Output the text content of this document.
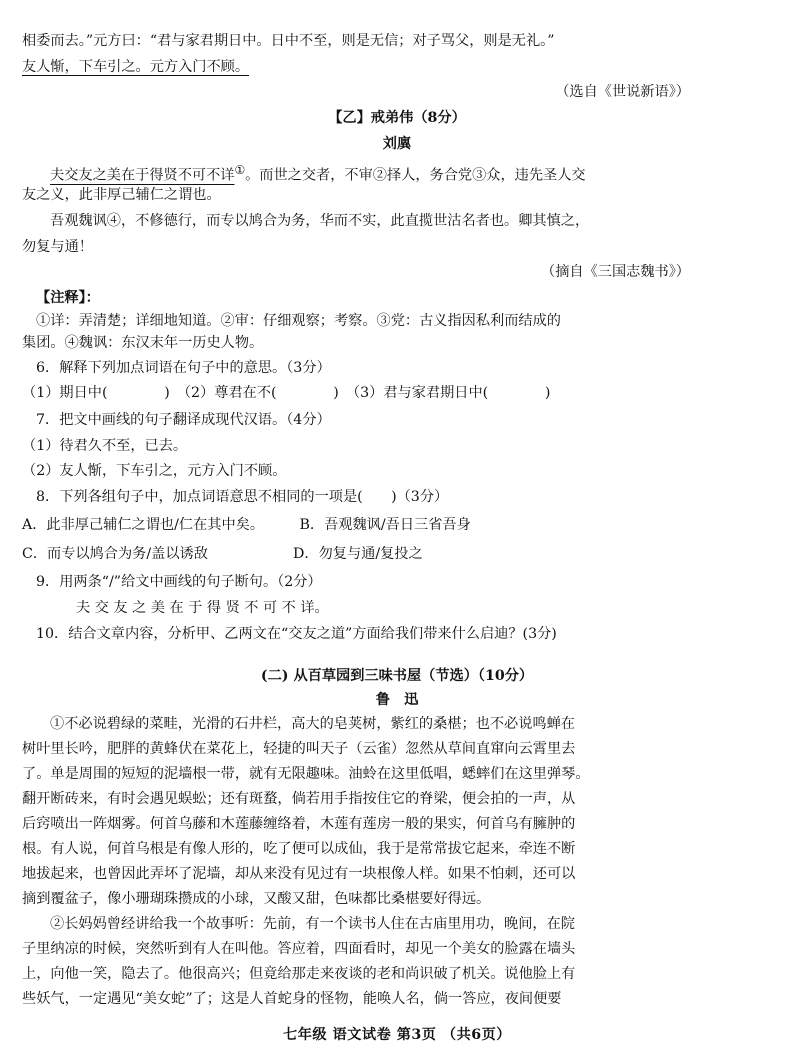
相委而去。”元方曰：“君与家君期日中。日中不至，则是无信；对子骂父，则是无礼。”
友人惭，下车引之。元方入门不顾。
（选自《世说新语》）
【乙】戒弟伟（8分）
刘廙
夫交友之美在于得贤不可不详①。而世之交者，不审②择人，务合党③众，违先圣人交
友之义，此非厚己辅仁之谓也。
吾观魏讽④，不修德行，而专以鸠合为务，华而不实，此直揽世沽名者也。卿其慎之，
勿复与通！
（摘自《三国志魏书》）
【注释】：
①详：弄清楚；详细地知道。②审：仔细观察；考察。③党：古义指因私利而结成的
集团。④魏讽：东汉末年一历史人物。
6．解释下列加点词语在句子中的意思。（3分）
（1）期日中(　　　　)　（2）尊君在不(　　　　)　（3）君与家君期日中(　　　　)
7．把文中画线的句子翻译成现代汉语。（4分）
（1）待君久不至，已去。
（2）友人惭，下车引之，元方入门不顾。
8．下列各组句子中，加点词语意思不相同的一项是(　　)（3分）
A．此非厚己辅仁之谓也/仁在其中矣。　　　B．吾观魏讽/吾日三省吾身
C．而专以鸠合为务/盖以诱敌　　　　　　D．勿复与通/复投之
9．用两条“/”给文中画线的句子断句。（2分）
夫 交 友 之 美 在 于 得 贤 不 可 不 详。
10．结合文章内容，分析甲、乙两文在“交友之道”方面给我们带来什么启迪？(3分)
(二) 从百草园到三味书屋（节选）（10分）
鲁　迅
①不必说碧绿的菜畦，光滑的石井栏，高大的皂荚树，紫红的桑椹；也不必说鸣蝉在
树叶里长吟，肥胖的黄蜂伏在菜花上，轻捷的叫天子（云雀）忽然从草间直窜向云霄里去
了。单是周围的短短的泥墙根一带，就有无限趣味。油蛉在这里低唱，蟋蟀们在这里弹琴。
翻开断砖来，有时会遇见蜈蚣；还有斑蝥，倘若用手指按住它的脊梁，便会拍的一声，从
后窍喷出一阵烟雾。何首乌藤和木莲藤缠络着，木莲有莲房一般的果实，何首乌有臃肿的
根。有人说，何首乌根是有像人形的，吃了便可以成仙，我于是常常拔它起来，牵连不断
地拔起来，也曾因此弄坏了泥墙，却从来没有见过有一块根像人样。如果不怕刺，还可以
摘到覆盆子，像小珊瑚珠攒成的小球，又酸又甜，色味都比桑椹要好得远。
②长妈妈曾经讲给我一个故事听：先前，有一个读书人住在古庙里用功，晚间，在院
子里纳凉的时候，突然听到有人在叫他。答应着，四面看时，却见一个美女的脸露在墙头
上，向他一笑，隐去了。他很高兴；但竟给那走来夜谈的老和尚识破了机关。说他脸上有
些妖气，一定遇见“美女蛇”了；这是人首蛇身的怪物，能唤人名，倘一答应，夜间便要
七年级 语文试卷 第3页 （共6页）
